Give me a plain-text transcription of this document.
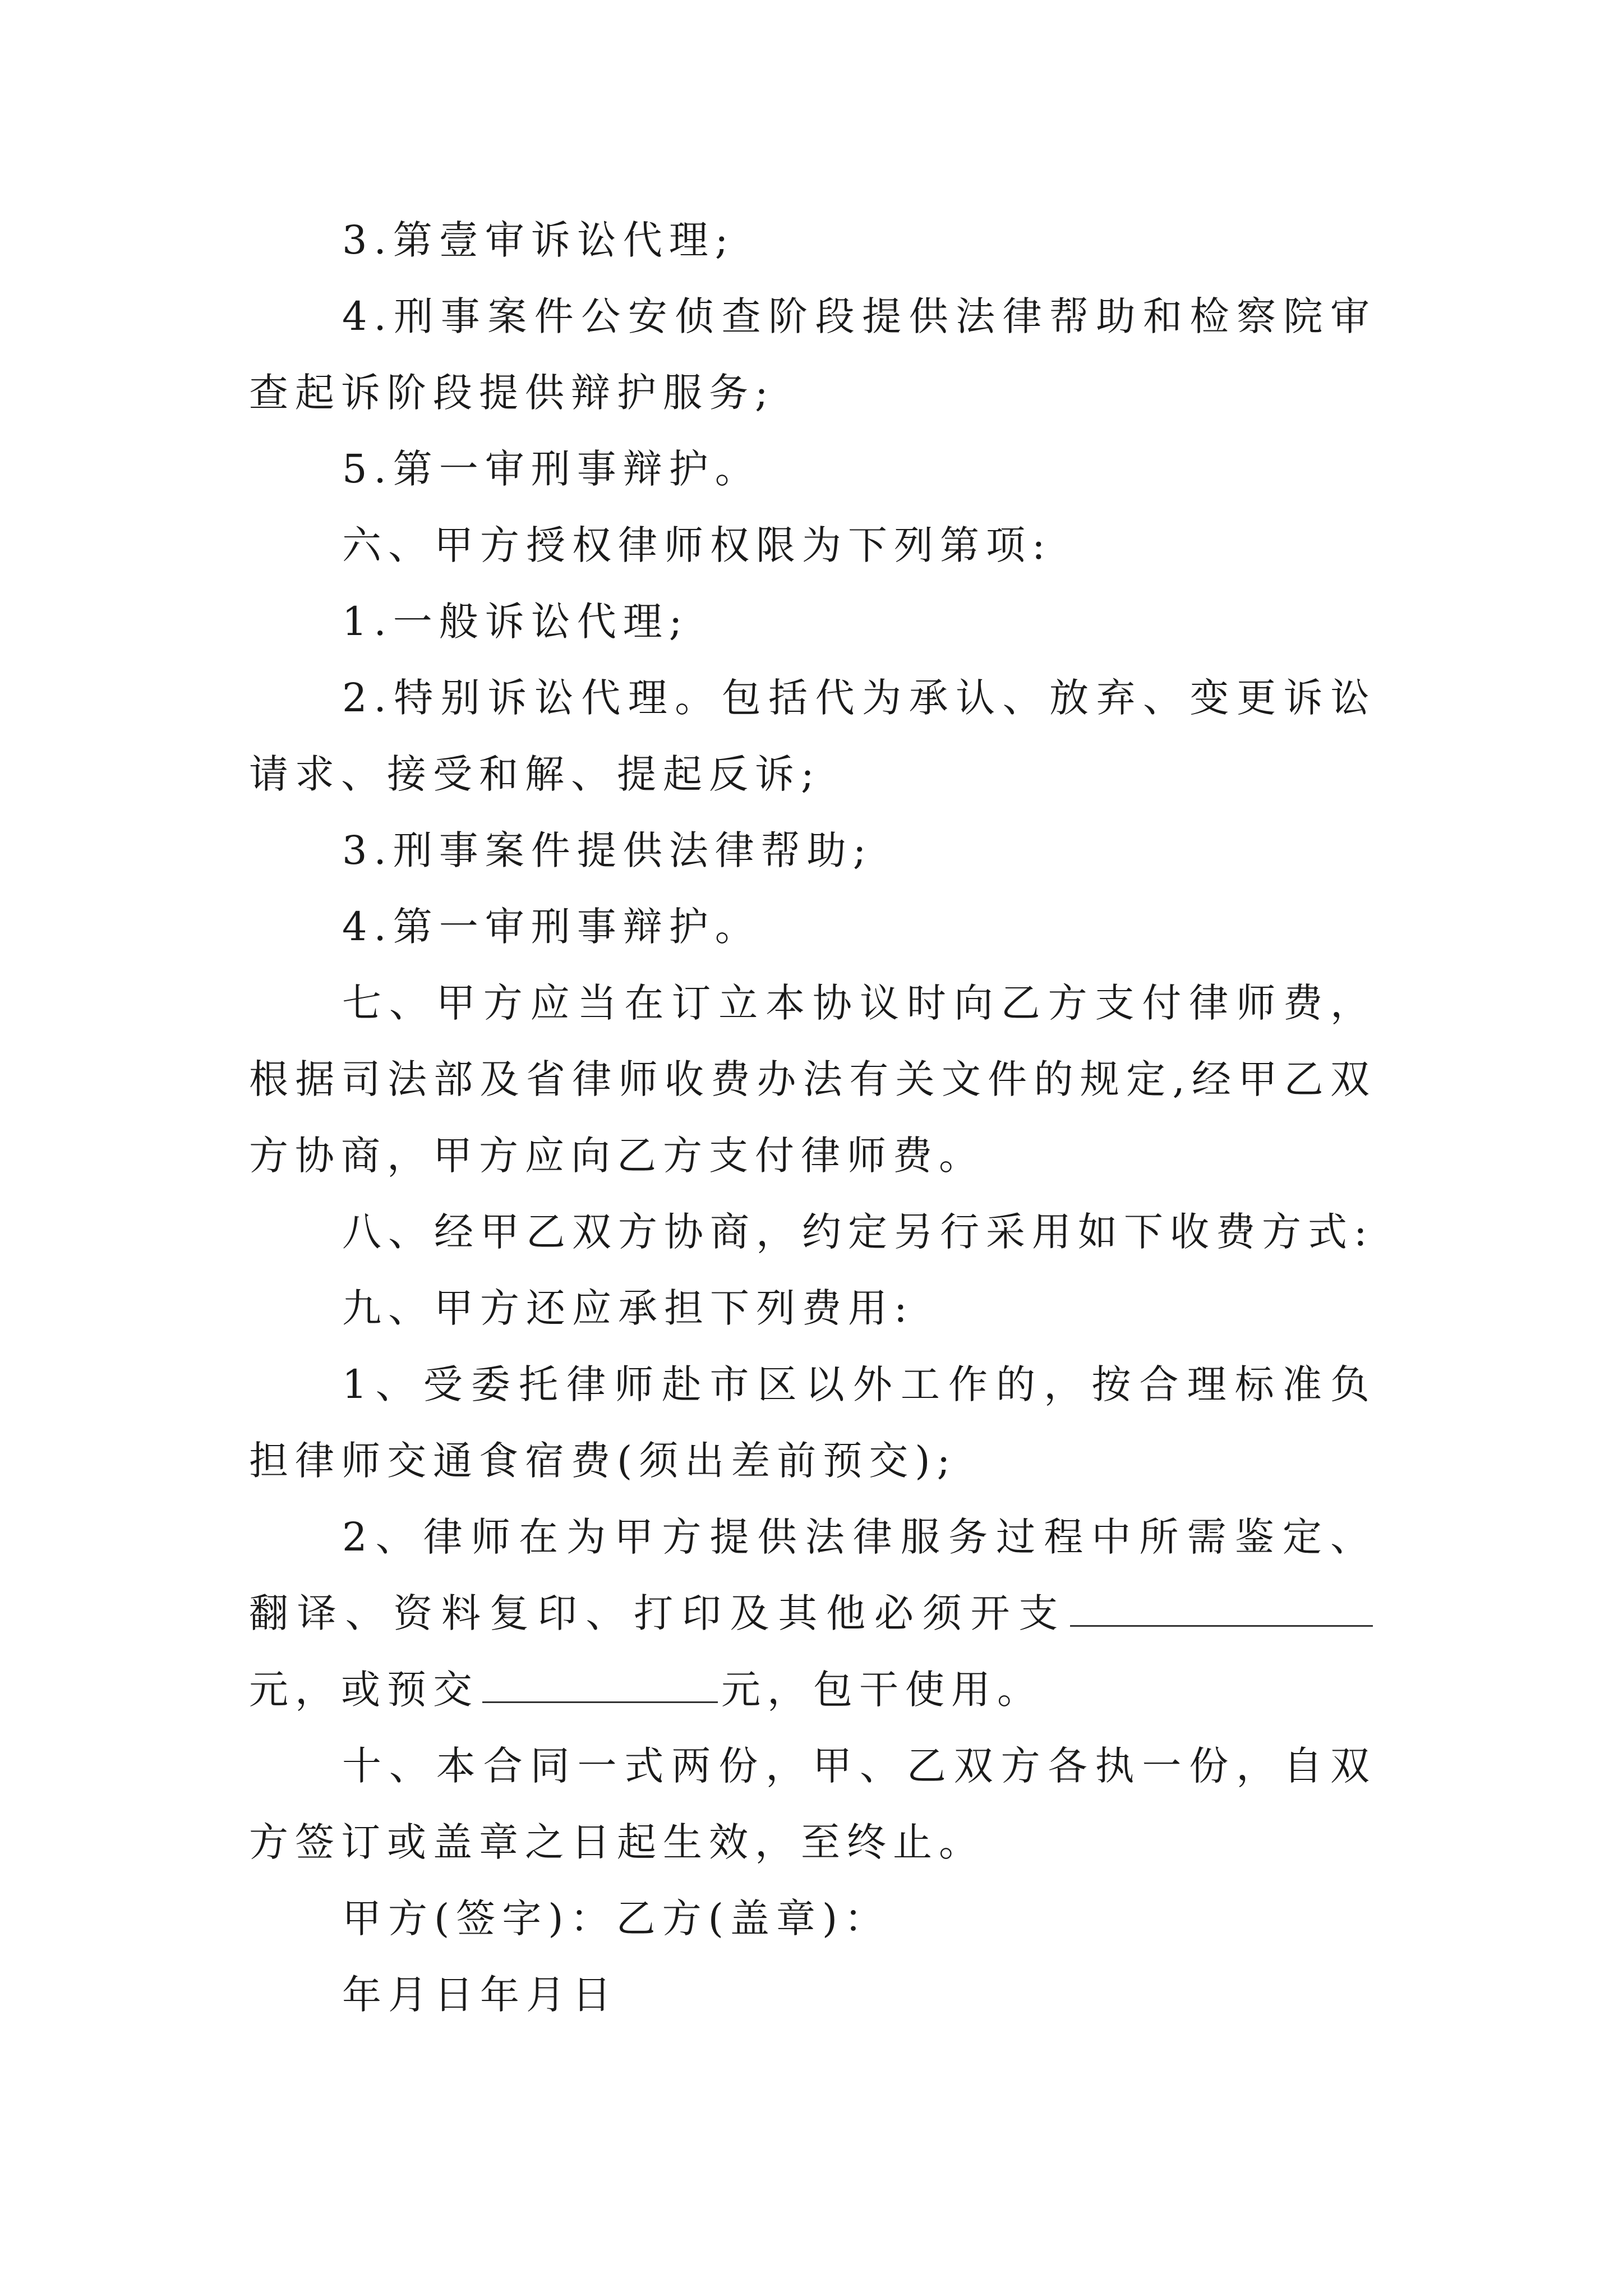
3.第壹审诉讼代理;

4.刑事案件公安侦查阶段提供法律帮助和检察院审查起诉阶段提供辩护服务;

5.第一审刑事辩护。

六、甲方授权律师权限为下列第项:

1.一般诉讼代理;

2.特别诉讼代理。包括代为承认、放弃、变更诉讼请求、接受和解、提起反诉;

3.刑事案件提供法律帮助;

4.第一审刑事辩护。

七、甲方应当在订立本协议时向乙方支付律师费，根据司法部及省律师收费办法有关文件的规定,经甲乙双方协商，甲方应向乙方支付律师费。

八、经甲乙双方协商，约定另行采用如下收费方式:

九、甲方还应承担下列费用:

1、受委托律师赴市区以外工作的，按合理标准负担律师交通食宿费(须出差前预交);

2、律师在为甲方提供法律服务过程中所需鉴定、翻译、资料复印、打印及其他必须开支元，或预交	元，包干使用。

十、本合同一式两份，甲、乙双方各执一份，自双方签订或盖章之日起生效，至终止。

甲方(签字)：乙方(盖章)：

年月日年月日
